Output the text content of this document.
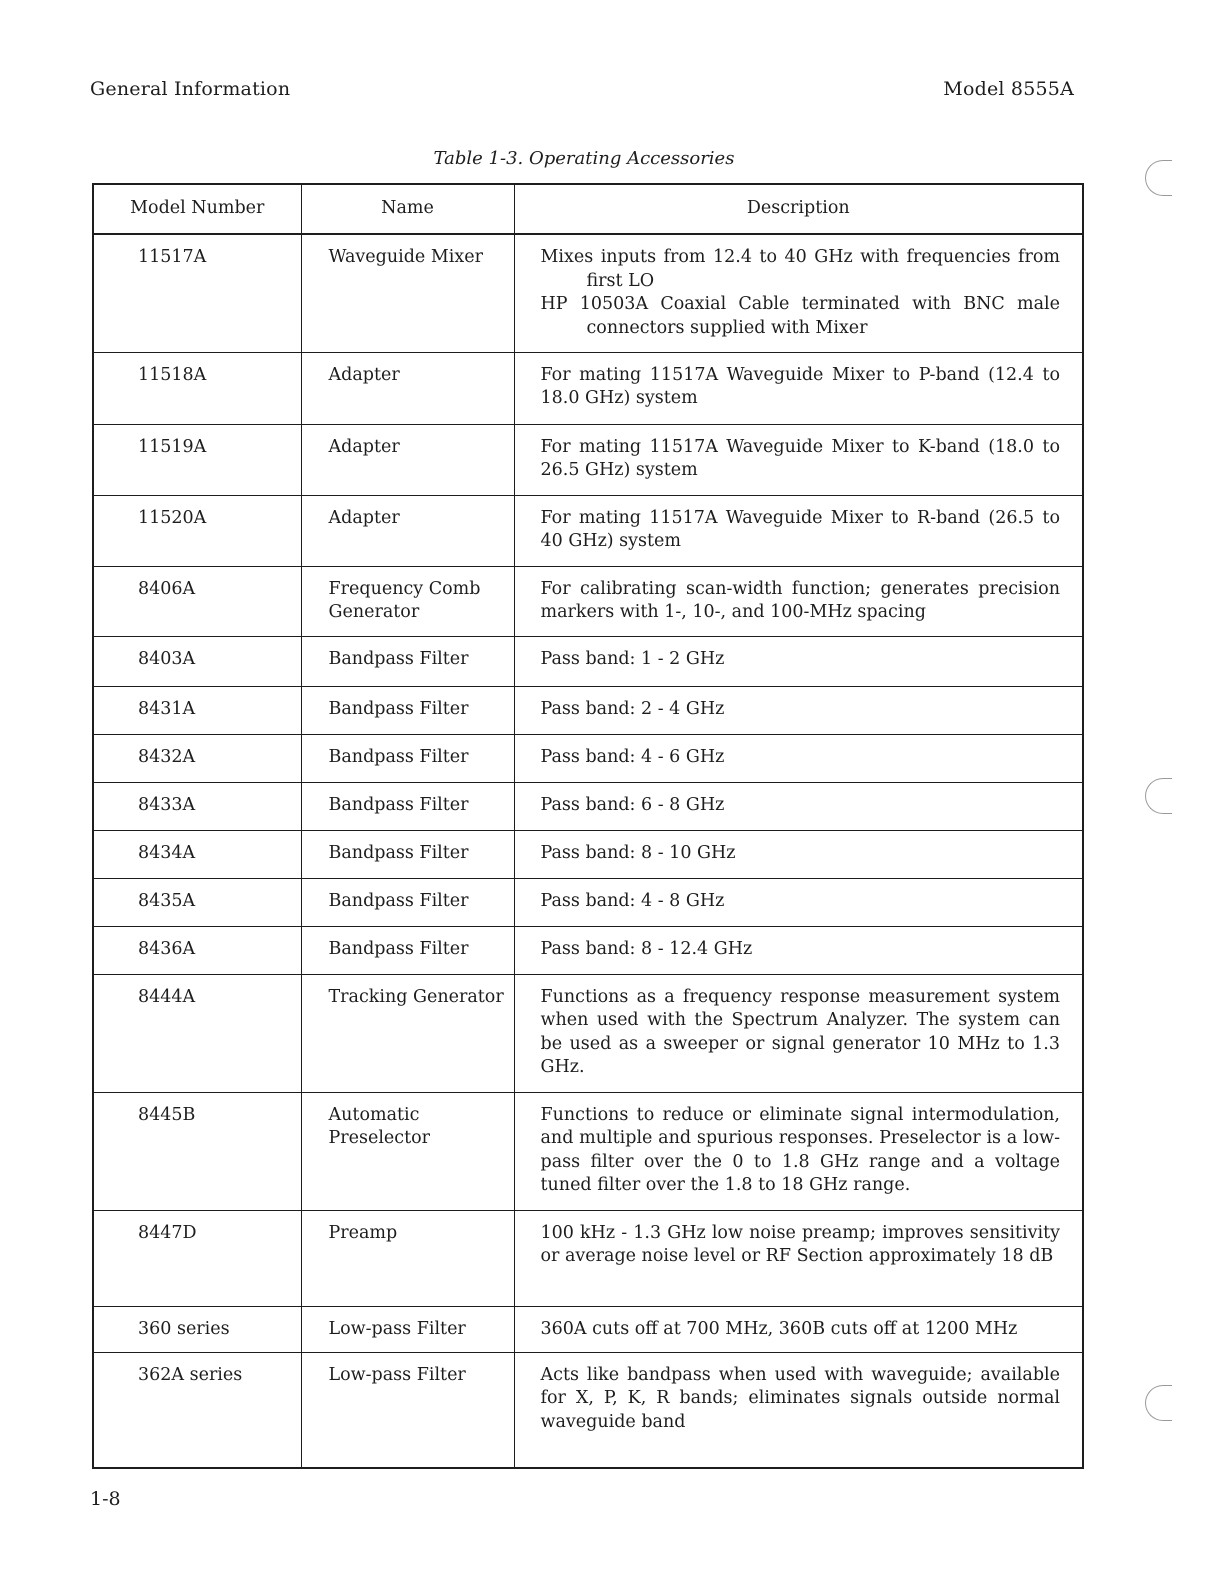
General Information	Model 8555A
Table 1-3. Operating Accessories
Model Number	Name	Description
11517A	Waveguide Mixer	Mixes inputs from 12.4 to 40 GHz with frequencies from first LO
HP 10503A Coaxial Cable terminated with BNC male connectors supplied with Mixer

11518A	Adapter	For mating 11517A Waveguide Mixer to P-band (12.4 to 18.0 GHz) system

11519A	Adapter	For mating 11517A Waveguide Mixer to K-band (18.0 to 26.5 GHz) system

11520A	Adapter	For mating 11517A Waveguide Mixer to R-band (26.5 to 40 GHz) system

8406A	Frequency Comb Generator	For calibrating scan-width function; generates precision markers with 1-, 10-, and 100-MHz spacing

8403A	Bandpass Filter	Pass band: 1 - 2 GHz

8431A	Bandpass Filter	Pass band: 2 - 4 GHz

8432A	Bandpass Filter	Pass band: 4 - 6 GHz

8433A	Bandpass Filter	Pass band: 6 - 8 GHz

8434A	Bandpass Filter	Pass band: 8 - 10 GHz

8435A	Bandpass Filter	Pass band: 4 - 8 GHz

8436A	Bandpass Filter	Pass band: 8 - 12.4 GHz

8444A	Tracking Generator	Functions as a frequency response measurement system when used with the Spectrum Analyzer. The system can be used as a sweeper or signal generator 10 MHz to 1.3 GHz.

8445B	Automatic Preselector	Functions to reduce or eliminate signal intermodulation, and multiple and spurious responses. Preselector is a low-pass filter over the 0 to 1.8 GHz range and a voltage tuned filter over the 1.8 to 18 GHz range.

8447D	Preamp	100 kHz - 1.3 GHz low noise preamp; improves sensitivity or average noise level or RF Section approximately 18 dB

360 series	Low-pass Filter	360A cuts off at 700 MHz, 360B cuts off at 1200 MHz

362A series	Low-pass Filter	Acts like bandpass when used with waveguide; available for X, P, K, R bands; eliminates signals outside normal waveguide band
1-8
